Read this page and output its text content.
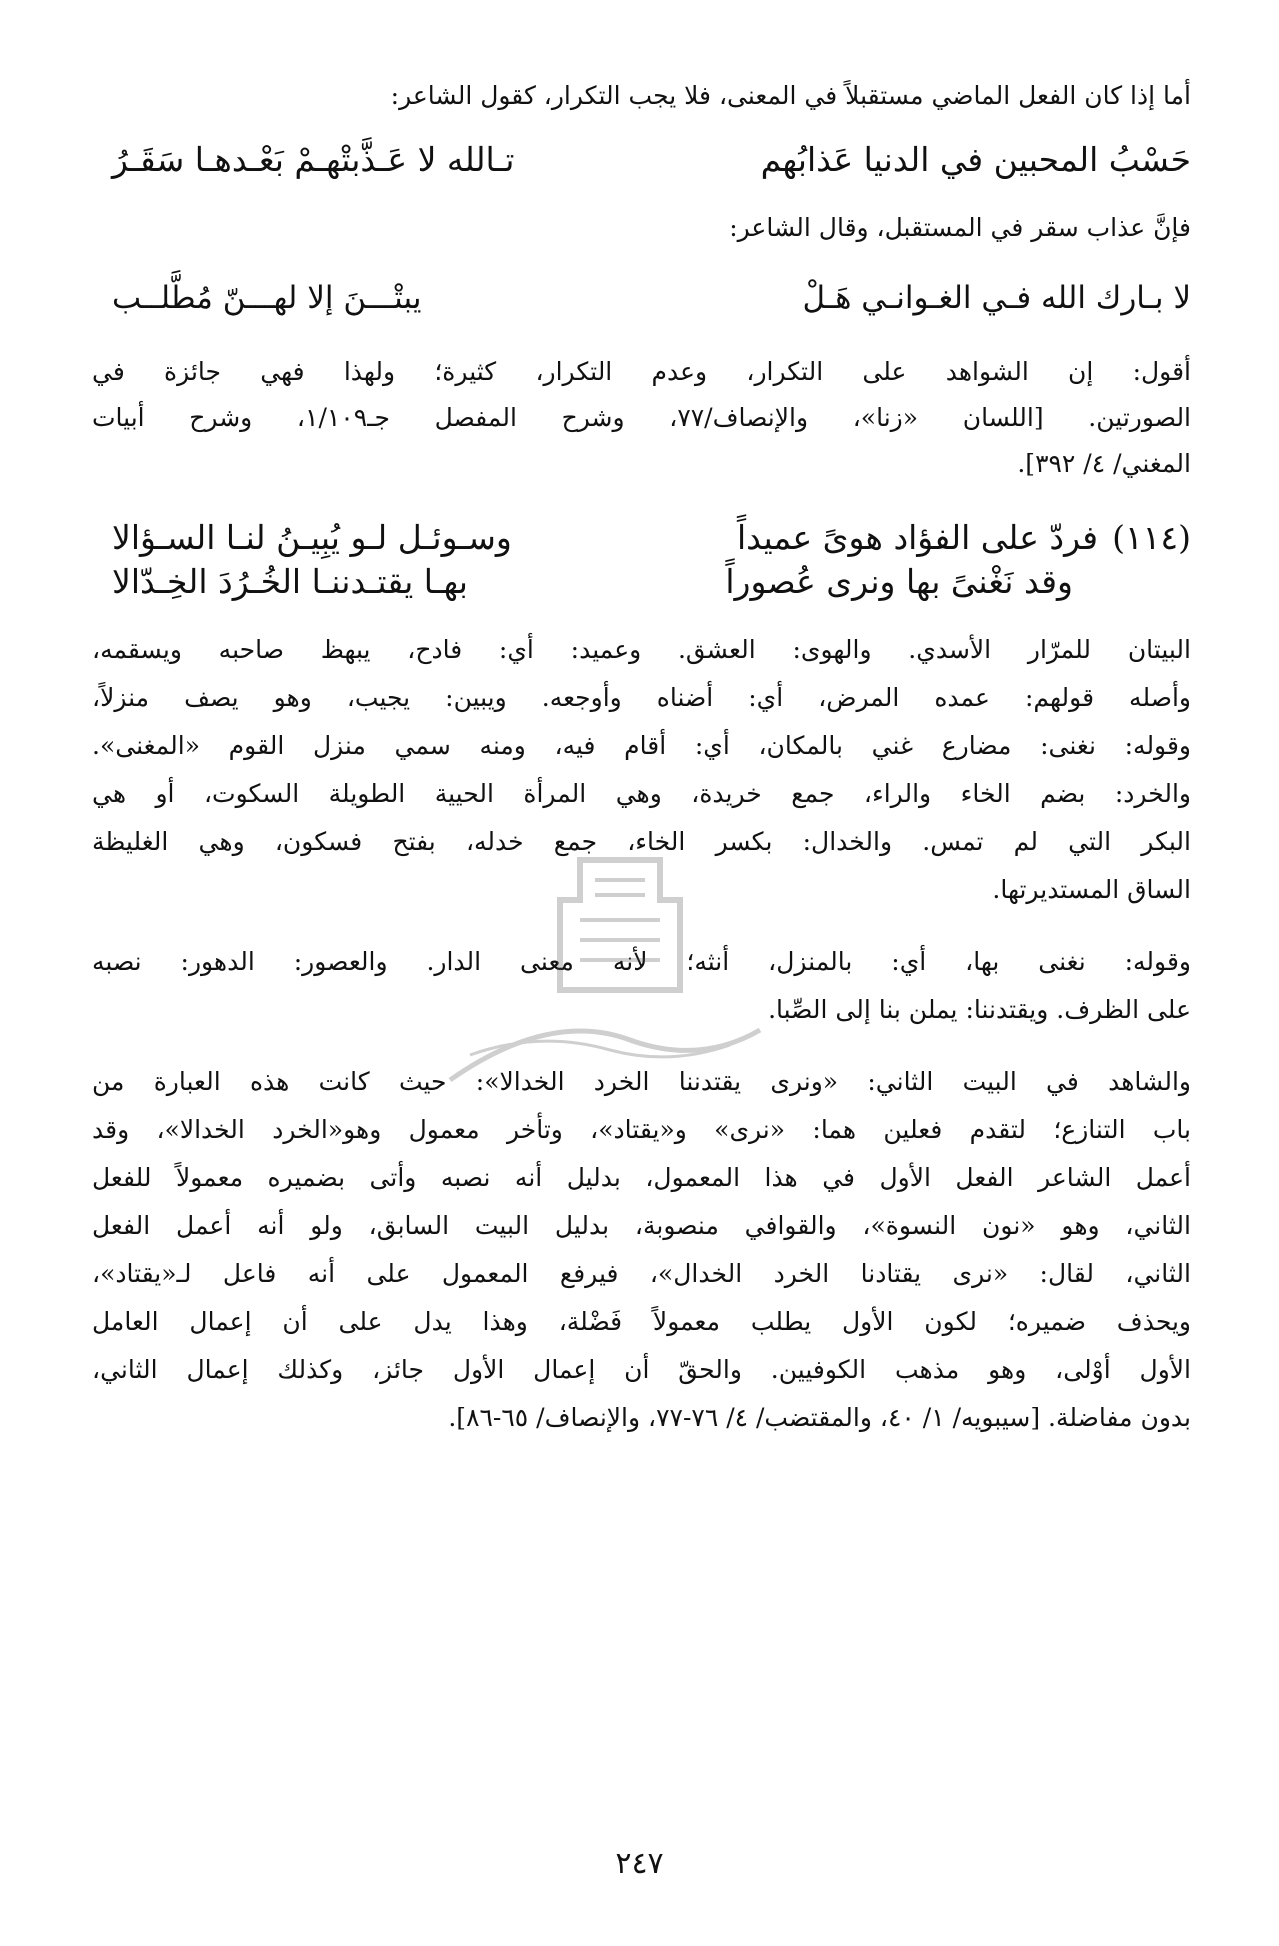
أما إذا كان الفعل الماضي مستقبلاً في المعنى، فلا يجب التكرار، كقول الشاعر:
حَسْبُ المحبين في الدنيا عَذابُهم
تـالله لا عَـذَّبتْهـمْ بَعْـدهـا سَقَـرُ
فإنَّ عذاب سقر في المستقبل، وقال الشاعر:
لا بـارك الله فـي الغـوانـي هَـلْ
يبتْـــنَ إلا لهـــنّ مُطَّلــب
أقول: إن الشواهد على التكرار، وعدم التكرار، كثيرة؛ ولهذا فهي جائزة في
الصورتين. [اللسان «زنا»، والإنصاف/٧٧، وشرح المفصل جـ١/١٠٩، وشرح أبيات
المغني/ ٤/ ٣٩٢].
(١١٤)فردّ على الفؤاد هوىً عميداً
وسـوئـل لـو يُبِيـنُ لنـا السـؤالا
وقد نَغْنىً بها ونرى عُصوراً
بهـا يقتـدننـا الخُـرُدَ الخِـدّالا
البيتان للمرّار الأسدي. والهوى: العشق. وعميد: أي: فادح، يبهظ صاحبه ويسقمه،
وأصله قولهم: عمده المرض، أي: أضناه وأوجعه. ويبين: يجيب، وهو يصف منزلاً،
وقوله: نغنى: مضارع غني بالمكان، أي: أقام فيه، ومنه سمي منزل القوم «المغنى».
والخرد: بضم الخاء والراء، جمع خريدة، وهي المرأة الحيية الطويلة السكوت، أو هي
البكر التي لم تمس. والخدال: بكسر الخاء، جمع خدله، بفتح فسكون، وهي الغليظة
الساق المستديرتها.
وقوله: نغنى بها، أي: بالمنزل، أنثه؛ لأنه معنى الدار. والعصور: الدهور: نصبه
على الظرف. ويقتدننا: يملن بنا إلى الصِّبا.
والشاهد في البيت الثاني: «ونرى يقتدننا الخرد الخدالا»: حيث كانت هذه العبارة من
باب التنازع؛ لتقدم فعلين هما: «نرى» و«يقتاد»، وتأخر معمول وهو«الخرد الخدالا»، وقد
أعمل الشاعر الفعل الأول في هذا المعمول، بدليل أنه نصبه وأتى بضميره معمولاً للفعل
الثاني، وهو «نون النسوة»، والقوافي منصوبة، بدليل البيت السابق، ولو أنه أعمل الفعل
الثاني، لقال: «نرى يقتادنا الخرد الخدال»، فيرفع المعمول على أنه فاعل لـ«يقتاد»،
ويحذف ضميره؛ لكون الأول يطلب معمولاً فَضْلة، وهذا يدل على أن إعمال العامل
الأول أوْلى، وهو مذهب الكوفيين. والحقّ أن إعمال الأول جائز، وكذلك إعمال الثاني،
بدون مفاضلة. [سيبويه/ ١/ ٤٠، والمقتضب/ ٤/ ٧٦-٧٧، والإنصاف/ ٦٥-٨٦].
٢٤٧
